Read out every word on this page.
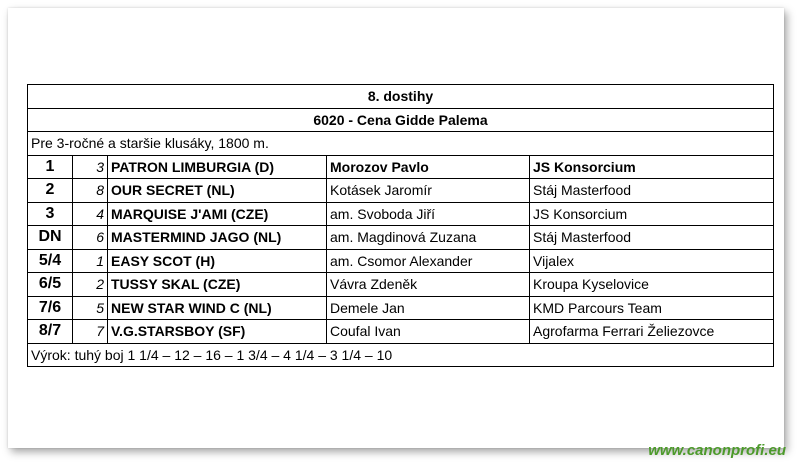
8. dostihy				
6020 - Cena Gidde Palema				
Pre 3-ročné a staršie klusáky, 1800 m.				
1	3	PATRON LIMBURGIA (D)	Morozov Pavlo	JS Konsorcium
2	8	OUR SECRET (NL)	Kotásek Jaromír	Stáj Masterfood
3	4	MARQUISE J'AMI (CZE)	am. Svoboda Jiří	JS Konsorcium
DN	6	MASTERMIND JAGO (NL)	am. Magdinová Zuzana	Stáj Masterfood
5/4	1	EASY SCOT (H)	am. Csomor Alexander	Vijalex
6/5	2	TUSSY SKAL (CZE)	Vávra Zdeněk	Kroupa Kyselovice
7/6	5	NEW STAR WIND C (NL)	Demele Jan	KMD Parcours Team
8/7	7	V.G.STARSBOY (SF)	Coufal Ivan	Agrofarma Ferrari Želiezovce
Výrok: tuhý boj 1 1/4 – 12 – 16 – 1 3/4 – 4 1/4 – 3 1/4 – 10				
www.canonprofi.eu
